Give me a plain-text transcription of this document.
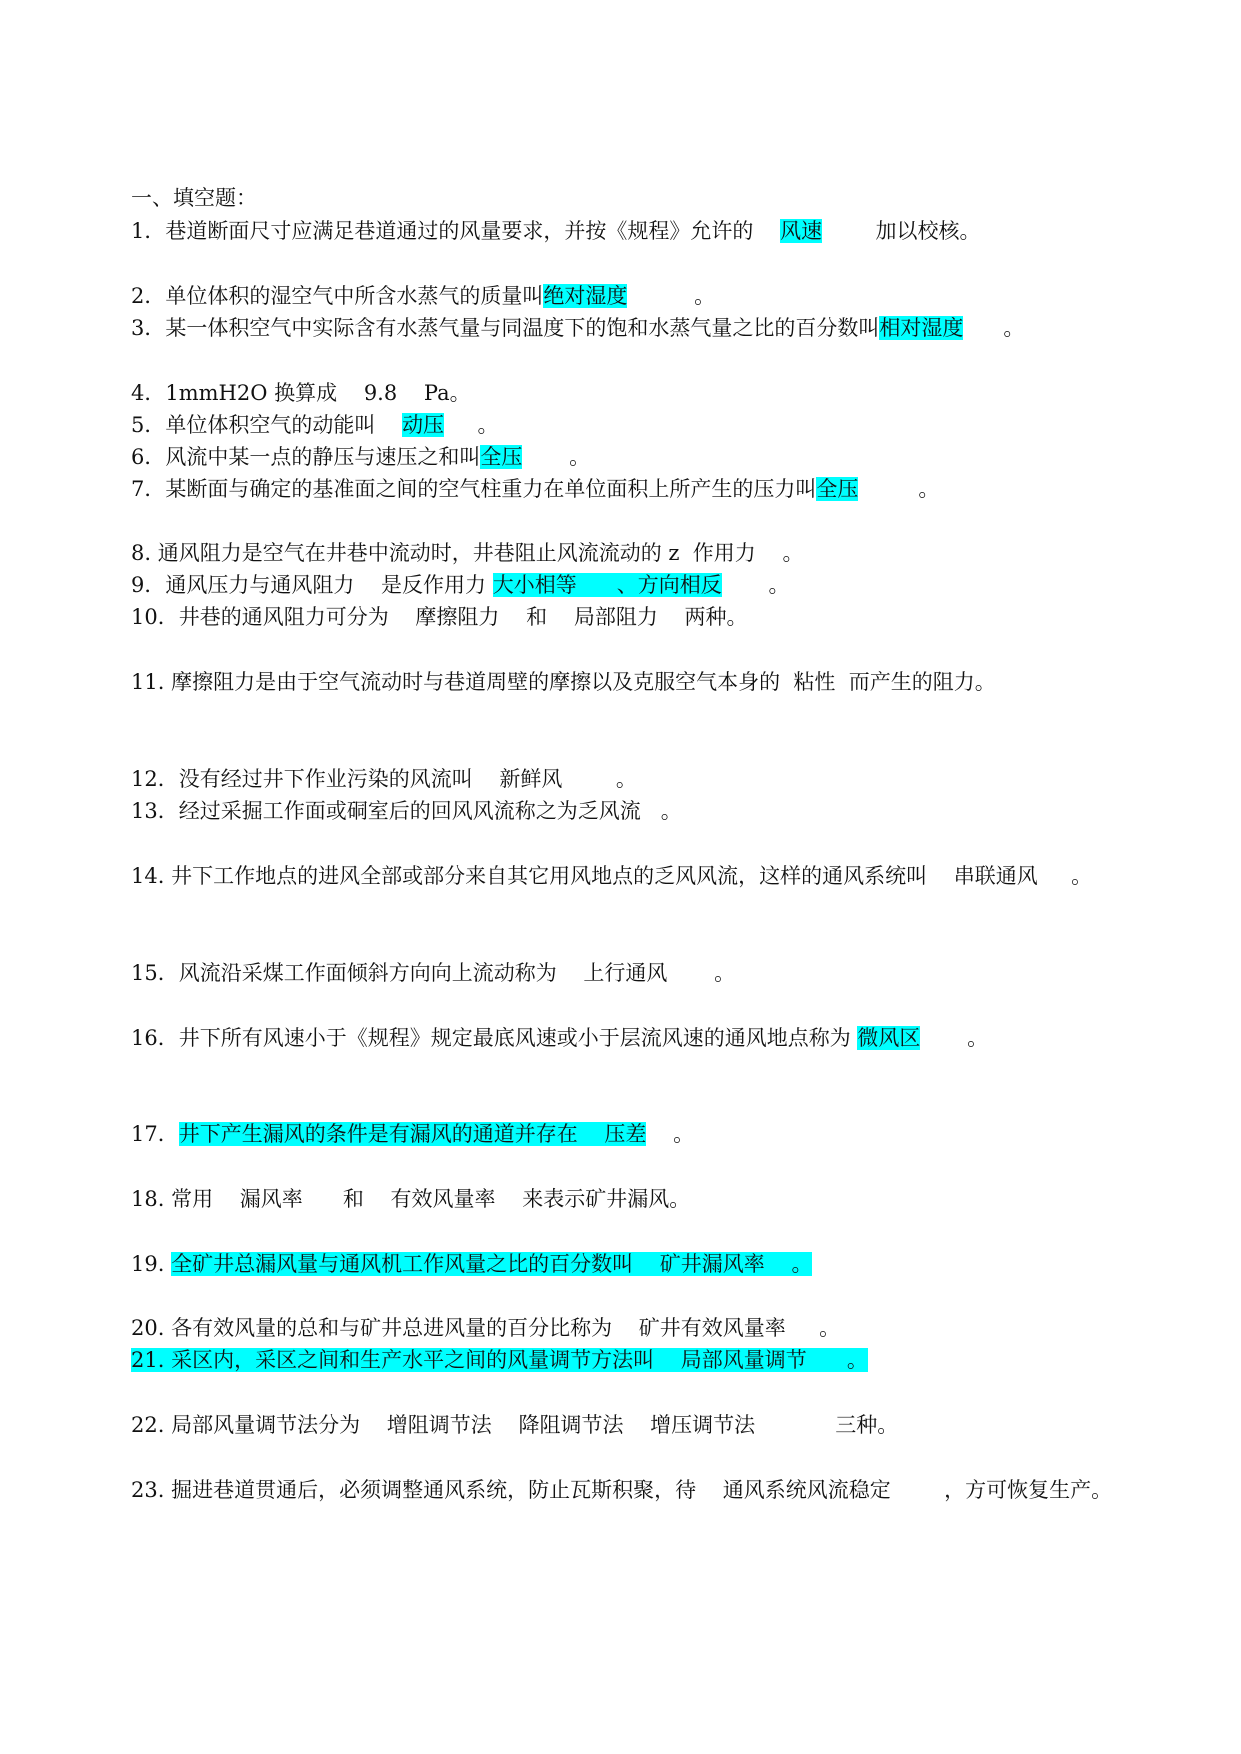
一、填空题：
1．巷道断面尺寸应满足巷道通过的风量要求，并按《规程》允许的    风速        加以校核。
2．单位体积的湿空气中所含水蒸气的质量叫绝对湿度          。
3．某一体积空气中实际含有水蒸气量与同温度下的饱和水蒸气量之比的百分数叫相对湿度      。
4．1mmH2O 换算成    9.8    Pa。
5．单位体积空气的动能叫    动压     。
6．风流中某一点的静压与速压之和叫全压       。
7．某断面与确定的基准面之间的空气柱重力在单位面积上所产生的压力叫全压         。
8. 通风阻力是空气在井巷中流动时，井巷阻止风流流动的 z  作用力    。
9．通风压力与通风阻力    是反作用力 大小相等      、方向相反       。
10．井巷的通风阻力可分为    摩擦阻力    和    局部阻力    两种。
11. 摩擦阻力是由于空气流动时与巷道周壁的摩擦以及克服空气本身的  粘性  而产生的阻力。
12．没有经过井下作业污染的风流叫    新鲜风        。
13．经过采掘工作面或硐室后的回风风流称之为乏风流   。
14. 井下工作地点的进风全部或部分来自其它用风地点的乏风风流，这样的通风系统叫    串联通风     。
15．风流沿采煤工作面倾斜方向向上流动称为    上行通风       。
16．井下所有风速小于《规程》规定最底风速或小于层流风速的通风地点称为 微风区       。
17．井下产生漏风的条件是有漏风的通道并存在    压差    。
18. 常用    漏风率      和    有效风量率    来表示矿井漏风。
19. 全矿井总漏风量与通风机工作风量之比的百分数叫    矿井漏风率    。
20. 各有效风量的总和与矿井总进风量的百分比称为    矿井有效风量率     。
21. 采区内，采区之间和生产水平之间的风量调节方法叫    局部风量调节      。
22. 局部风量调节法分为    增阻调节法    降阻调节法    增压调节法            三种。
23. 掘进巷道贯通后，必须调整通风系统，防止瓦斯积聚，待    通风系统风流稳定        ，方可恢复生产。
